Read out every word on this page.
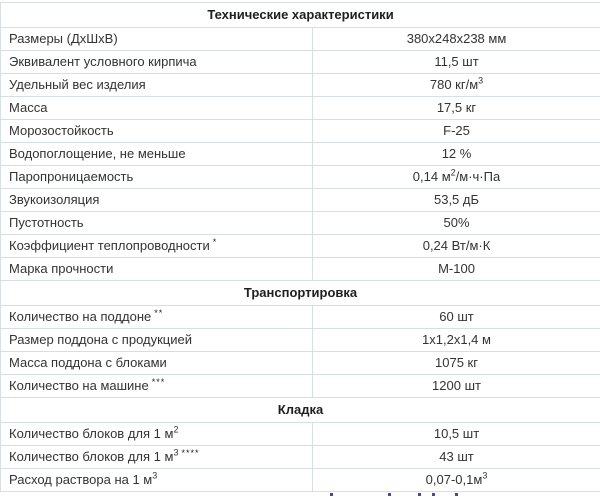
Технические характеристики	
Размеры (ДхШхВ)	380х248х238 мм
Эквивалент условного кирпича	11,5 шт
Удельный вес изделия	780 $кг/м^3$
Масса	17,5 кг
Морозостойкость	F-25
Водопоглощение, не меньше	12 %
Паропроницаемость	0,14 $м^2/м\cdot ч\cdot Па$
Звукоизоляция	53,5 дБ
Пустотность	50%
Коэффициент теплопроводности *	0,24 Вт/м·К
Марка прочности	М-100
Транспортировка	
Количество на поддоне **	60 шт
Размер поддона с продукцией	1х1,2х1,4 м
Масса поддона с блоками	1075 кг
Количество на машине ***	1200 шт
Кладка	
Количество блоков для 1 $м^2$	10,5 шт
Количество блоков для 1 $м^3$ ****	43 шт
Расход раствора на 1 $м^3$	$0,07-0,1м^3$
